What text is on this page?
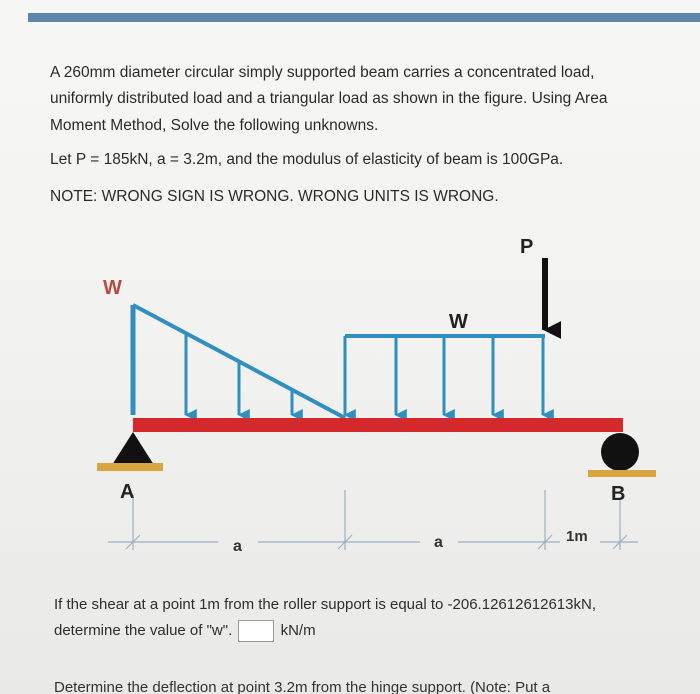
A 260mm diameter circular simply supported beam carries a concentrated load,

uniformly distributed load and a triangular load as shown in the figure. Using Area

Moment Method, Solve the following unknowns.

Let P = 185kN, a = 3.2m, and the modulus of elasticity of beam is 100GPa.

NOTE: WRONG SIGN IS WRONG. WRONG UNITS IS WRONG.

W
W
P
A	B
a	a	1m

If the shear at a point 1m from the roller support is equal to -206.12612612613kN,

determine the value of "w".	kN/m

Determine the deflection at point 3.2m from the hinge support. (Note: Put a
